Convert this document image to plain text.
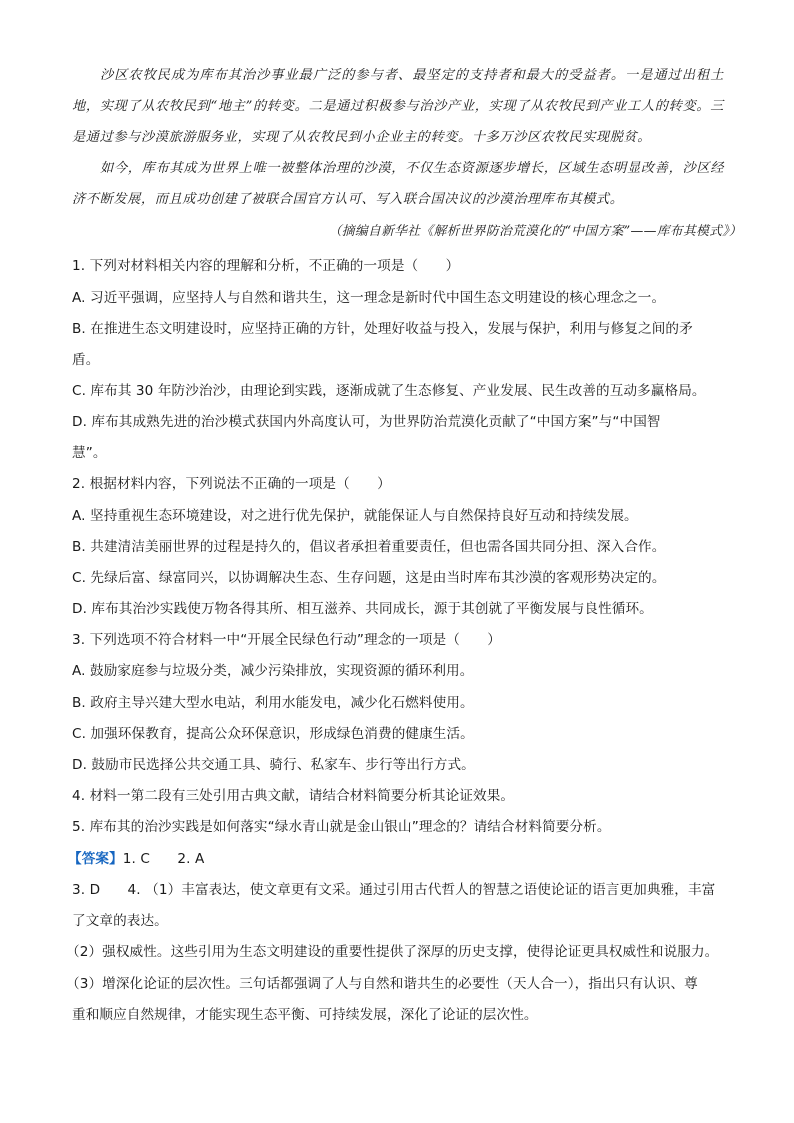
沙区农牧民成为库布其治沙事业最广泛的参与者、最坚定的支持者和最大的受益者。一是通过出租土地，实现了从农牧民到“地主”的转变。二是通过积极参与治沙产业，实现了从农牧民到产业工人的转变。三是通过参与沙漠旅游服务业，实现了从农牧民到小企业主的转变。十多万沙区农牧民实现脱贫。
如今，库布其成为世界上唯一被整体治理的沙漠，不仅生态资源逐步增长，区域生态明显改善，沙区经济不断发展，而且成功创建了被联合国官方认可、写入联合国决议的沙漠治理库布其模式。
（摘编自新华社《解析世界防治荒漠化的“中国方案”——库布其模式》）
1. 下列对材料相关内容的理解和分析，不正确的一项是（　　）
A. 习近平强调，应坚持人与自然和谐共生，这一理念是新时代中国生态文明建设的核心理念之一。
B. 在推进生态文明建设时，应坚持正确的方针，处理好收益与投入，发展与保护，利用与修复之间的矛
盾。
C. 库布其 30 年防沙治沙，由理论到实践，逐渐成就了生态修复、产业发展、民生改善的互动多赢格局。
D. 库布其成熟先进的治沙模式获国内外高度认可，为世界防治荒漠化贡献了“中国方案”与“中国智
慧”。
2. 根据材料内容，下列说法不正确的一项是（　　）
A. 坚持重视生态环境建设，对之进行优先保护，就能保证人与自然保持良好互动和持续发展。
B. 共建清洁美丽世界的过程是持久的，倡议者承担着重要责任，但也需各国共同分担、深入合作。
C. 先绿后富、绿富同兴，以协调解决生态、生存问题，这是由当时库布其沙漠的客观形势决定的。
D. 库布其治沙实践使万物各得其所、相互滋养、共同成长，源于其创就了平衡发展与良性循环。
3. 下列选项不符合材料一中“开展全民绿色行动”理念的一项是（　　）
A. 鼓励家庭参与垃圾分类，减少污染排放，实现资源的循环利用。
B. 政府主导兴建大型水电站，利用水能发电，减少化石燃料使用。
C. 加强环保教育，提高公众环保意识，形成绿色消费的健康生活。
D. 鼓励市民选择公共交通工具、骑行、私家车、步行等出行方式。
4. 材料一第二段有三处引用古典文献，请结合材料简要分析其论证效果。
5. 库布其的治沙实践是如何落实“绿水青山就是金山银山”理念的？请结合材料简要分析。
【答案】1. C　　2. A
3. D　　4. （1）丰富表达，使文章更有文采。通过引用古代哲人的智慧之语使论证的语言更加典雅，丰富
了文章的表达。
（2）强权威性。这些引用为生态文明建设的重要性提供了深厚的历史支撑，使得论证更具权威性和说服力。
（3）增深化论证的层次性。三句话都强调了人与自然和谐共生的必要性（天人合一），指出只有认识、尊
重和顺应自然规律，才能实现生态平衡、可持续发展，深化了论证的层次性。
